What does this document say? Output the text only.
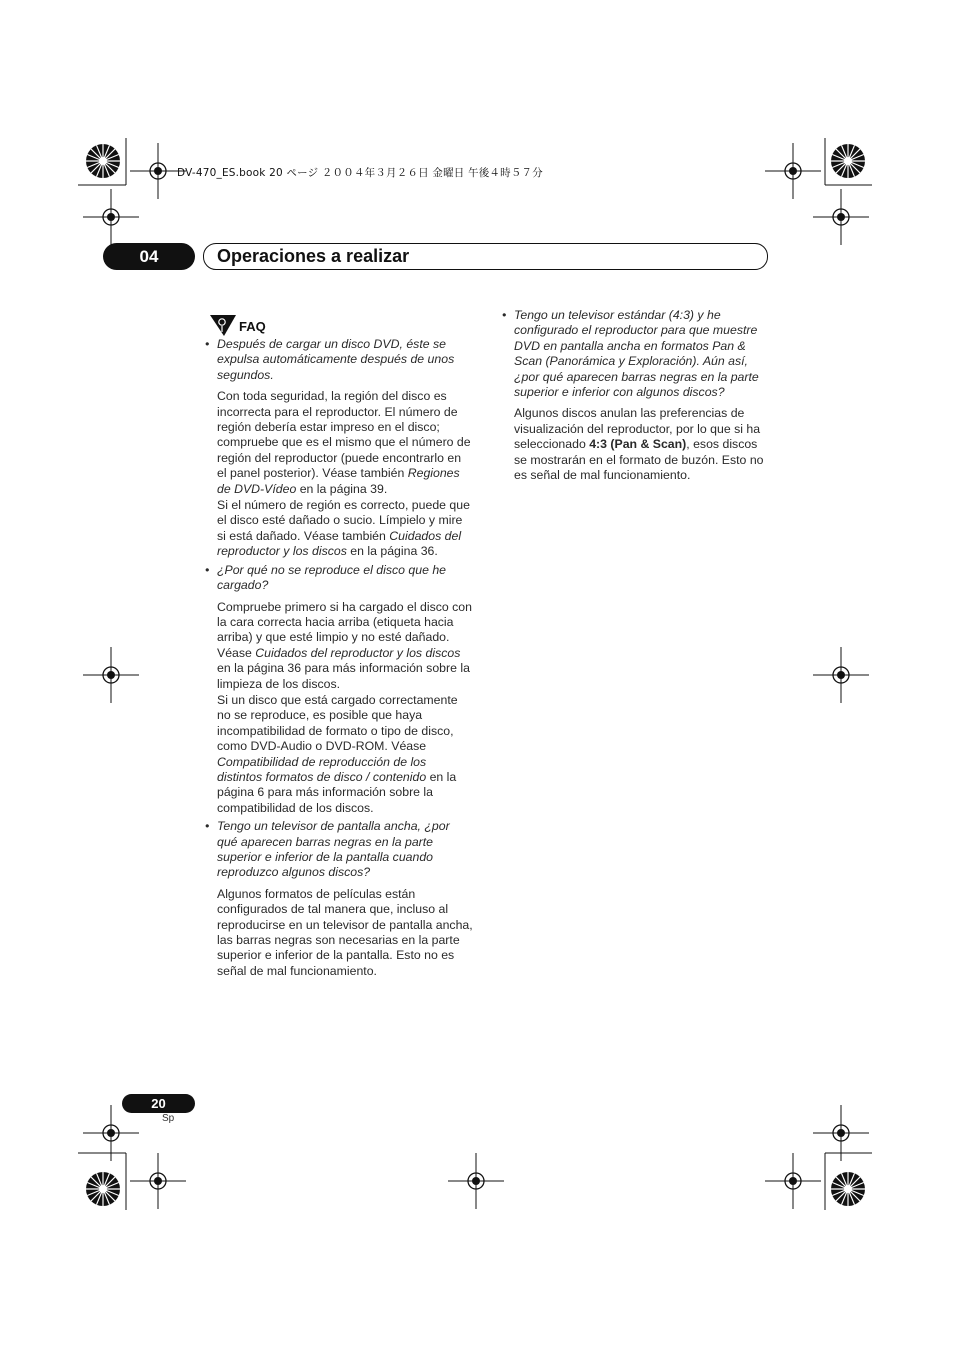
DV-470_ES.book 20 ページ ２００４年３月２６日 金曜日 午後４時５７分
04	Operaciones a realizar
FAQ

• Después de cargar un disco DVD, éste se expulsa automáticamente después de unos segundos.

Con toda seguridad, la región del disco es incorrecta para el reproductor. El número de región debería estar impreso en el disco; compruebe que es el mismo que el número de región del reproductor (puede encontrarlo en el panel posterior). Véase también Regiones de DVD-Vídeo en la página 39.

Si el número de región es correcto, puede que el disco esté dañado o sucio. Límpielo y mire si está dañado. Véase también Cuidados del reproductor y los discos en la página 36.

• ¿Por qué no se reproduce el disco que he cargado?

Compruebe primero si ha cargado el disco con la cara correcta hacia arriba (etiqueta hacia arriba) y que esté limpio y no esté dañado. Véase Cuidados del reproductor y los discos en la página 36 para más información sobre la limpieza de los discos.

Si un disco que está cargado correctamente no se reproduce, es posible que haya incompatibilidad de formato o tipo de disco, como DVD-Audio o DVD-ROM. Véase Compatibilidad de reproducción de los distintos formatos de disco / contenido en la página 6 para más información sobre la compatibilidad de los discos.

• Tengo un televisor de pantalla ancha, ¿por qué aparecen barras negras en la parte superior e inferior de la pantalla cuando reproduzco algunos discos?

Algunos formatos de películas están configurados de tal manera que, incluso al reproducirse en un televisor de pantalla ancha, las barras negras son necesarias en la parte superior e inferior de la pantalla. Esto no es señal de mal funcionamiento.

• Tengo un televisor estándar (4:3) y he configurado el reproductor para que muestre DVD en pantalla ancha en formatos Pan & Scan (Panorámica y Exploración). Aún así, ¿por qué aparecen barras negras en la parte superior e inferior con algunos discos?

Algunos discos anulan las preferencias de visualización del reproductor, por lo que si ha seleccionado 4:3 (Pan & Scan), esos discos se mostrarán en el formato de buzón. Esto no es señal de mal funcionamiento.

20
Sp
